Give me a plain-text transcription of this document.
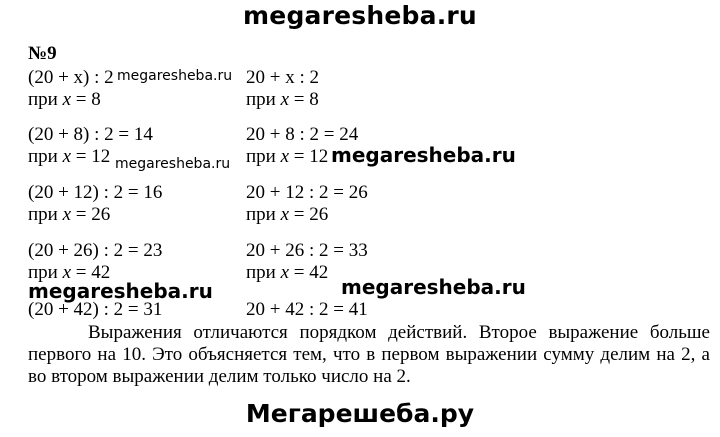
megaresheba.ru
№9
(20 + x) : 2
при x = 8
(20 + 8) : 2 = 14
при x = 12
(20 + 12) : 2 = 16
при x = 26
(20 + 26) : 2 = 23
при x = 42
(20 + 42) : 2 = 31
20 + x : 2
при x = 8
20 + 8 : 2 = 24
при x = 12
20 + 12 : 2 = 26
при x = 26
20 + 26 : 2 = 33
при x = 42
20 + 42 : 2 = 41
megaresheba.ru
megaresheba.ru	megaresheba.ru
megaresheba.ru	megaresheba.ru
Выражения отличаются порядком действий. Второе выражение больше первого на 10. Это объясняется тем, что в первом выражении сумму делим на 2, а во втором выражении делим только число на 2.
Мегарешеба.ру
